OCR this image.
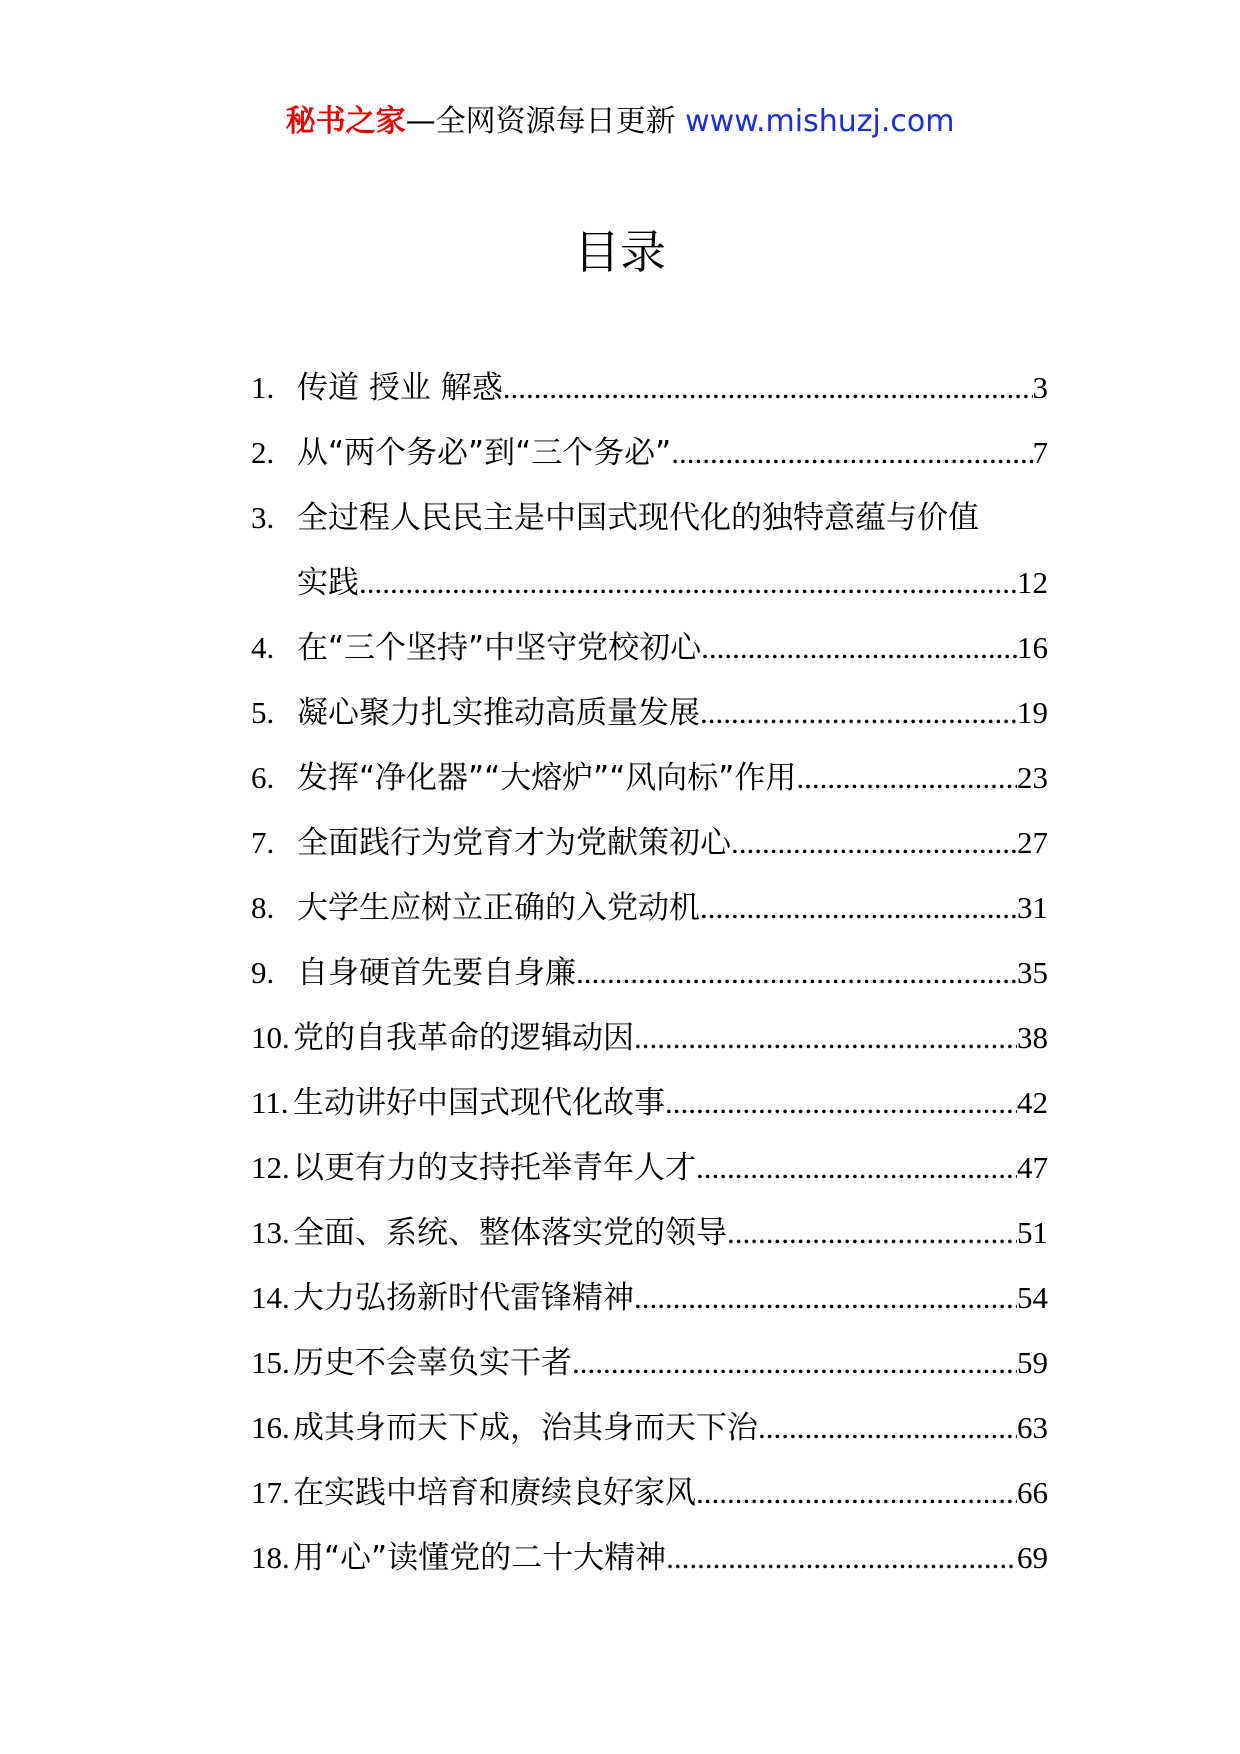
秘书之家—全网资源每日更新 www.mishuzj.com
目录
1. 传道 授业 解惑 .....	3
2. 从“两个务必”到“三个务必” .....	7
3. 全过程人民民主是中国式现代化的独特意蕴与价值
实践 .....	12
4. 在“三个坚持”中坚守党校初心 .....	16
5. 凝心聚力扎实推动高质量发展 .....	19
6. 发挥“净化器”“大熔炉”“风向标”作用 .....	23
7. 全面践行为党育才为党献策初心 .....	27
8. 大学生应树立正确的入党动机 .....	31
9. 自身硬首先要自身廉 .....	35
10. 党的自我革命的逻辑动因 .....	38
11. 生动讲好中国式现代化故事 .....	42
12. 以更有力的支持托举青年人才 .....	47
13. 全面、系统、整体落实党的领导 .....	51
14. 大力弘扬新时代雷锋精神 .....	54
15. 历史不会辜负实干者 .....	59
16. 成其身而天下成，治其身而天下治 .....	63
17. 在实践中培育和赓续良好家风 .....	66
18. 用“心”读懂党的二十大精神 .....	69
